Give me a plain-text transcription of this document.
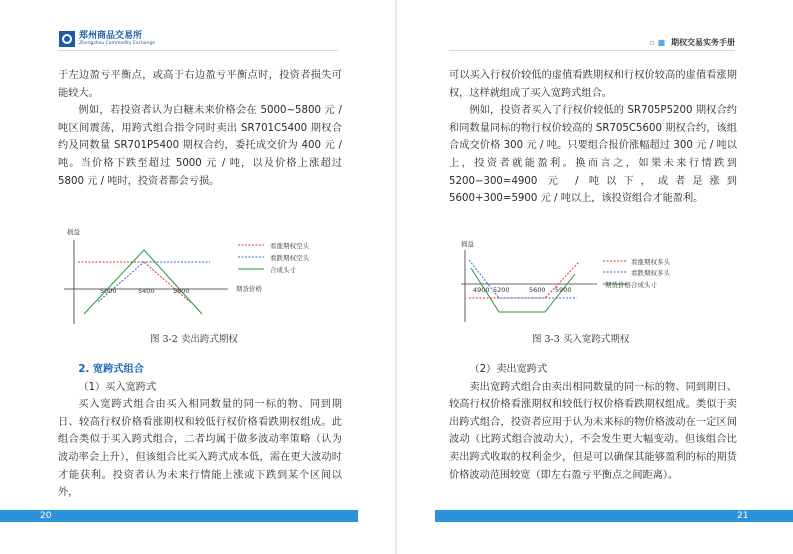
郑州商品交易所
Zhengzhou Commodity Exchange

于左边盈亏平衡点，或高于右边盈亏平衡点时，投资者损失可能较大。

例如，若投资者认为白糖未来价格会在 5000~5800 元 / 吨区间震荡，用跨式组合指令同时卖出 SR701C5400 期权合约及同数量 SR701P5400 期权合约，委托成交价为 400 元 / 吨。当价格下跌至超过 5000 元 / 吨，以及价格上涨超过 5800 元 / 吨时，投资者都会亏损。

看涨期权空头
看跌期权空头
合成头寸
损益
期货价格
5000	5400	5800
图 3-2 卖出跨式期权

2. 宽跨式组合

（1）买入宽跨式

买入宽跨式组合由买入相同数量的同一标的物、同到期日、较高行权价格看涨期权和较低行权价格看跌期权组成。此组合类似于买入跨式组合，二者均属于做多波动率策略（认为波动率会上升），但该组合比买入跨式成本低，需在更大波动时才能获利。投资者认为未来行情能上涨或下跌到某个区间以外，

20
▫ ■ 期权交易实务手册

可以买入行权价较低的虚值看跌期权和行权价较高的虚值看涨期权，这样就组成了买入宽跨式组合。

例如，投资者买入了行权价较低的 SR705P5200 期权合约和同数量同标的物行权价较高的 SR705C5600 期权合约，该组合成交价格 300 元 / 吨。只要组合报价涨幅超过 300 元 / 吨以上，投资者就能盈利。换而言之，如果未来行情跌到 5200−300=4900 元 / 吨以下，或者是涨到 5600+300=5900 元 / 吨以上，该投资组合才能盈利。

看涨期权多头
看跌期权多头
合成头寸
损益
期货价格
4900 5200	5600 5900
图 3-3 买入宽跨式期权

（2）卖出宽跨式

卖出宽跨式组合由卖出相同数量的同一标的物、同到期日、较高行权价格看涨期权和较低行权价格看跌期权组成。类似于卖出跨式组合，投资者应用于认为未来标的物价格波动在一定区间波动（比跨式组合波动大），不会发生更大幅变动。但该组合比卖出跨式收取的权利金少，但是可以确保其能够盈利的标的期货价格波动范围较宽（即左右盈亏平衡点之间距离）。

21
